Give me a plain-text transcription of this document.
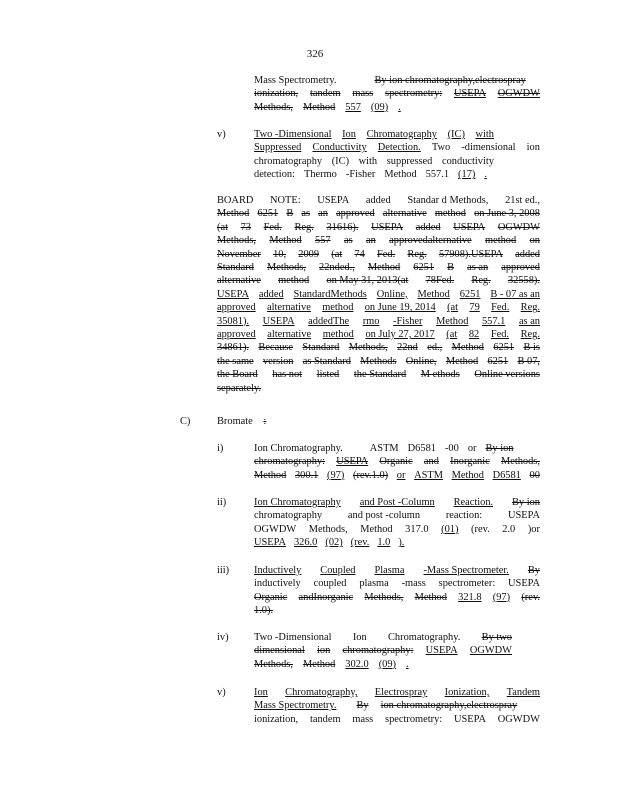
326
Mass Spectrometry.	By ion chromatography,electrospray
ionization, tandem mass spectrometry: USEPA OGWDW
Methods, Method 557 (09) .
v)	Two -Dimensional Ion Chromatography (IC) with
Suppressed Conductivity Detection. Two -dimensional ion
chromatography (IC) with suppressed conductivity
detection: Thermo -Fisher Method 557.1 (17) .
BOARD NOTE: USEPA added Standar d Methods, 21st ed.,
Method 6251 B as an approved alternative method on June 3, 2008
(at 73 Fed. Reg. 31616). USEPA added USEPA OGWDW
Methods, Method 557 as an approvedalternative method on
November 10, 2009 (at 74 Fed. Reg. 57908).USEPA added
Standard Methods, 22nded., Method 6251 B as an approved
alternative method on May 31, 2013(at 78Fed. Reg. 32558).
USEPA added StandardMethods Online, Method 6251 B - 07 as an
approved alternative method on June 19, 2014 (at 79 Fed. Reg.
35081). USEPA addedThe rmo -Fisher Method 557.1 as an
approved alternative method on July 27, 2017 (at 82 Fed. Reg.
34861). Because Standard Methods, 22nd ed., Method 6251 B is
the same version as Standard Methods Online, Method 6251 B 07,
the Board has not listed the Standard M ethods Online versions
separately.
C)	Bromate :
i)	Ion Chromatography.	ASTM D6581 -00 or By ion
chromatography: USEPA Organic and Inorganic Methods,
Method 300.1 (97) (rev.1.0) or ASTM Method D6581 00
ii)	Ion Chromatography and Post -Column Reaction. By ion
chromatography and post -column reaction: USEPA
OGWDW Methods, Method 317.0 (01) (rev. 2.0 )or
USEPA 326.0 (02) (rev. 1.0 ).
iii) Inductively Coupled Plasma -Mass Spectrometer. By
inductively coupled plasma -mass spectrometer: USEPA
Organic andInorganic Methods, Method 321.8 (97) (rev.
1.0).
iv) Two -Dimensional Ion Chromatography. By two
dimensional ion chromatography: USEPA OGWDW
Methods, Method 302.0 (09) .
v)	Ion Chromatography, Electrospray Ionization, Tandem
Mass Spectrometry. By ion chromatography,electrospray
ionization, tandem mass spectrometry: USEPA OGWDW
